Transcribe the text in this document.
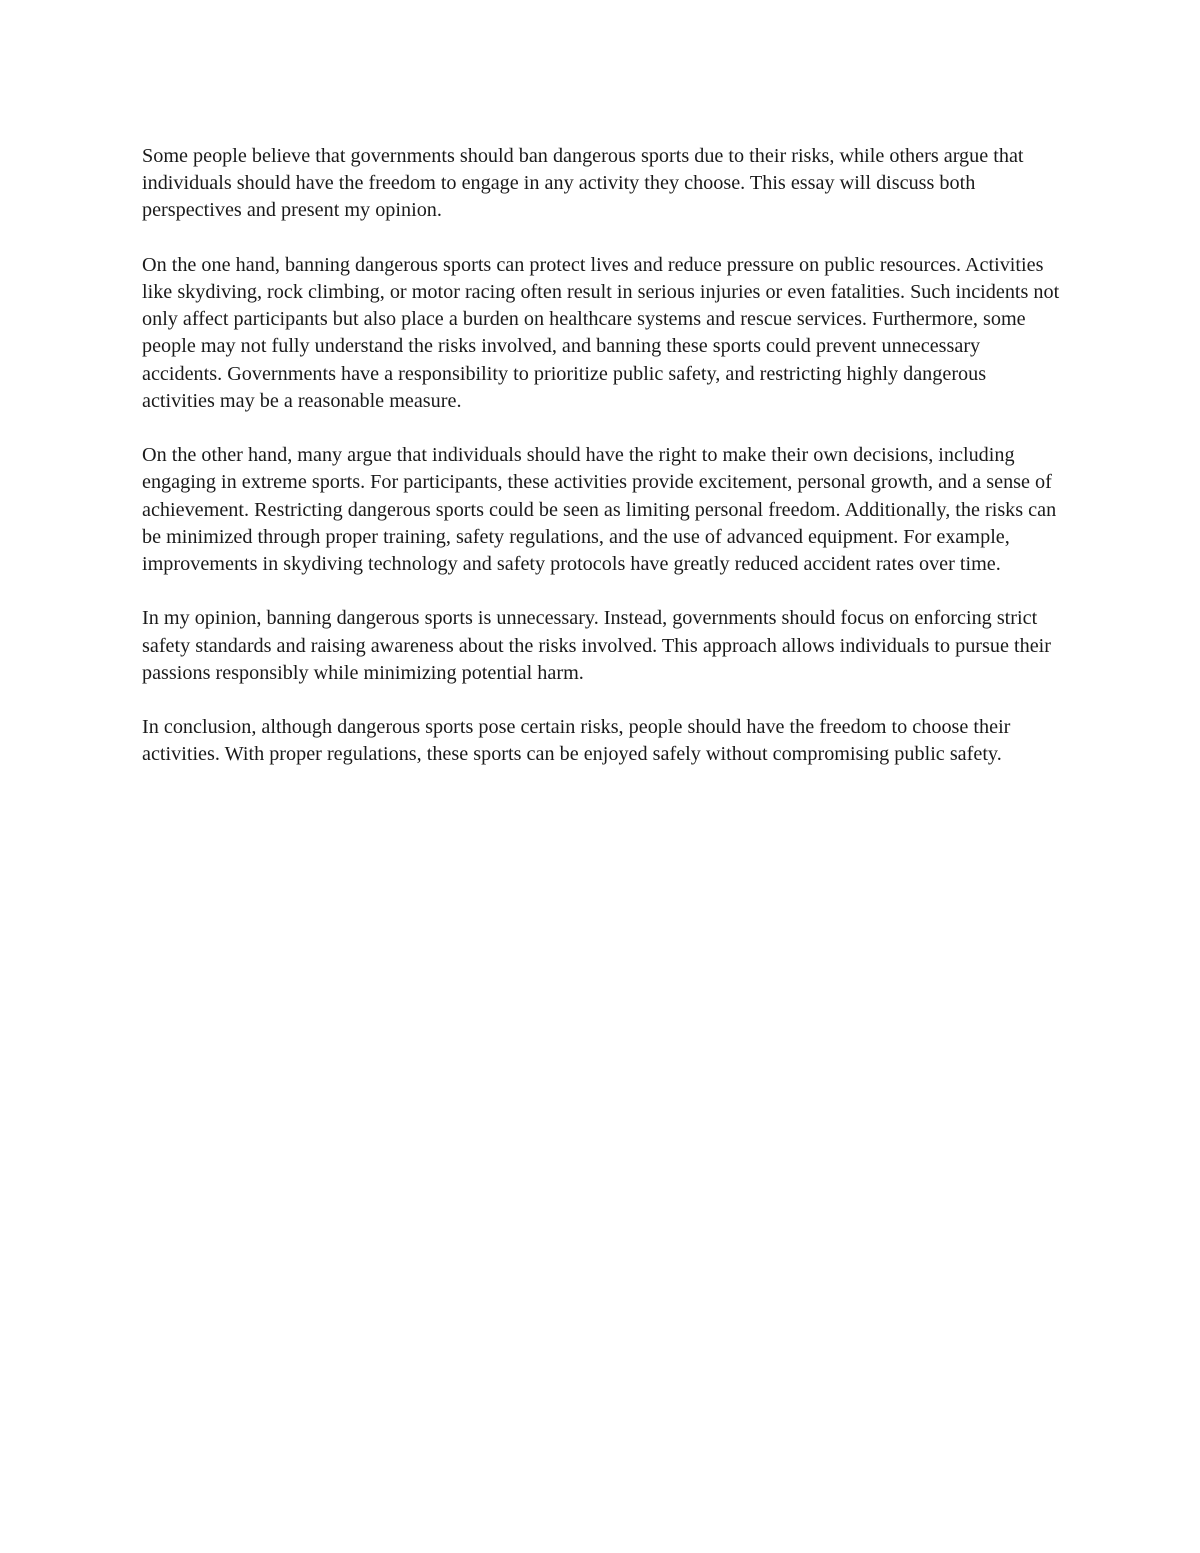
Some people believe that governments should ban dangerous sports due to their risks, while others argue that individuals should have the freedom to engage in any activity they choose. This essay will discuss both perspectives and present my opinion.

On the one hand, banning dangerous sports can protect lives and reduce pressure on public resources. Activities like skydiving, rock climbing, or motor racing often result in serious injuries or even fatalities. Such incidents not only affect participants but also place a burden on healthcare systems and rescue services. Furthermore, some people may not fully understand the risks involved, and banning these sports could prevent unnecessary accidents. Governments have a responsibility to prioritize public safety, and restricting highly dangerous activities may be a reasonable measure.

On the other hand, many argue that individuals should have the right to make their own decisions, including engaging in extreme sports. For participants, these activities provide excitement, personal growth, and a sense of achievement. Restricting dangerous sports could be seen as limiting personal freedom. Additionally, the risks can be minimized through proper training, safety regulations, and the use of advanced equipment. For example, improvements in skydiving technology and safety protocols have greatly reduced accident rates over time.

In my opinion, banning dangerous sports is unnecessary. Instead, governments should focus on enforcing strict safety standards and raising awareness about the risks involved. This approach allows individuals to pursue their passions responsibly while minimizing potential harm.

In conclusion, although dangerous sports pose certain risks, people should have the freedom to choose their activities. With proper regulations, these sports can be enjoyed safely without compromising public safety.
